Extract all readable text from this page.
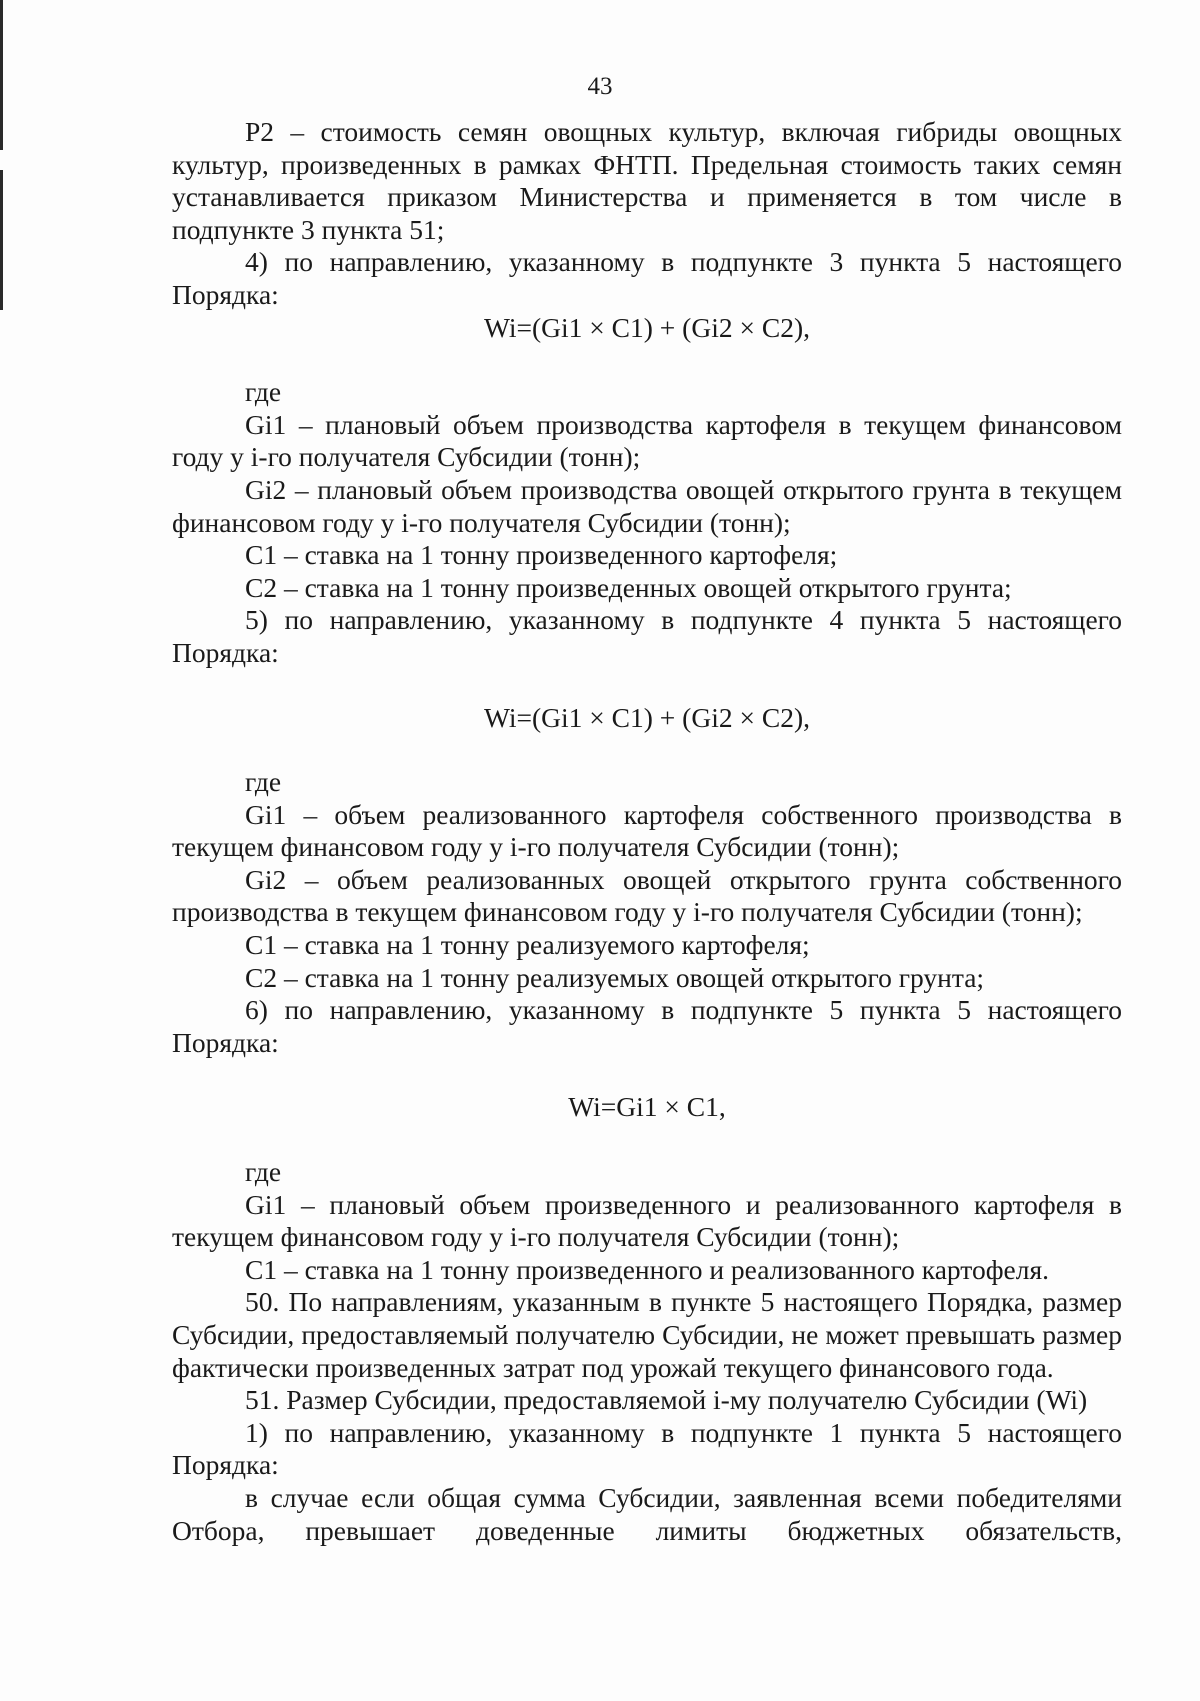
43

P2 – стоимость семян овощных культур, включая гибриды овощных культур, произведенных в рамках ФНТП. Предельная стоимость таких семян устанавливается приказом Министерства и применяется в том числе в подпункте 3 пункта 51;

4) по направлению, указанному в подпункте 3 пункта 5 настоящего Порядка:

Wi=(Gi1 × C1) + (Gi2 × C2),

где

Gi1 – плановый объем производства картофеля в текущем финансовом году у i-го получателя Субсидии (тонн);

Gi2 – плановый объем производства овощей открытого грунта в текущем финансовом году у i-го получателя Субсидии (тонн);

C1 – ставка на 1 тонну произведенного картофеля;

C2 – ставка на 1 тонну произведенных овощей открытого грунта;

5) по направлению, указанному в подпункте 4 пункта 5 настоящего Порядка:

Wi=(Gi1 × C1) + (Gi2 × C2),

где

Gi1 – объем реализованного картофеля собственного производства в текущем финансовом году у i-го получателя Субсидии (тонн);

Gi2 – объем реализованных овощей открытого грунта собственного производства в текущем финансовом году у i-го получателя Субсидии (тонн);

C1 – ставка на 1 тонну реализуемого картофеля;

C2 – ставка на 1 тонну реализуемых овощей открытого грунта;

6) по направлению, указанному в подпункте 5 пункта 5 настоящего Порядка:

Wi=Gi1 × C1,

где

Gi1 – плановый объем произведенного и реализованного картофеля в текущем финансовом году у i-го получателя Субсидии (тонн);

C1 – ставка на 1 тонну произведенного и реализованного картофеля.

50. По направлениям, указанным в пункте 5 настоящего Порядка, размер Субсидии, предоставляемый получателю Субсидии, не может превышать размер фактически произведенных затрат под урожай текущего финансового года.

51. Размер Субсидии, предоставляемой i-му получателю Субсидии (Wi)

1) по направлению, указанному в подпункте 1 пункта 5 настоящего Порядка:

в случае если общая сумма Субсидии, заявленная всеми победителями Отбора, превышает доведенные лимиты бюджетных обязательств,
